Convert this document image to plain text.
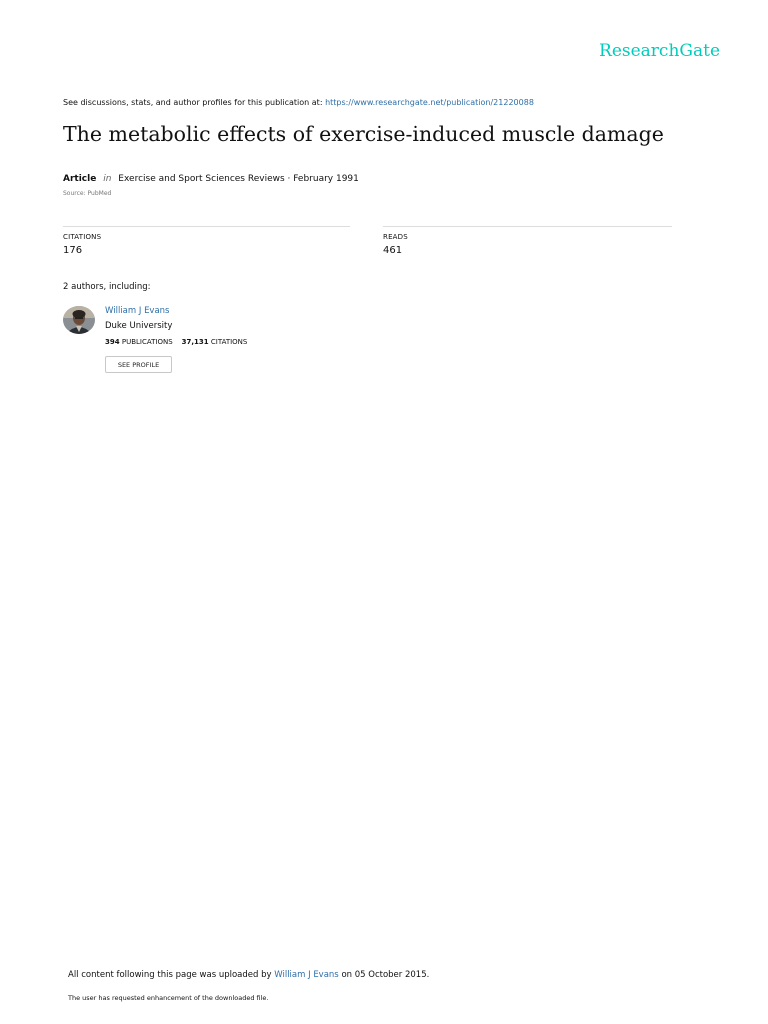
ResearchGate
See discussions, stats, and author profiles for this publication at: https://www.researchgate.net/publication/21220088
The metabolic effects of exercise-induced muscle damage
Article in Exercise and Sport Sciences Reviews · February 1991
Source: PubMed
CITATIONS
176
READS
461
2 authors, including:
William J Evans
Duke University
394 PUBLICATIONS 37,131 CITATIONS
SEE PROFILE
All content following this page was uploaded by William J Evans on 05 October 2015.
The user has requested enhancement of the downloaded file.
